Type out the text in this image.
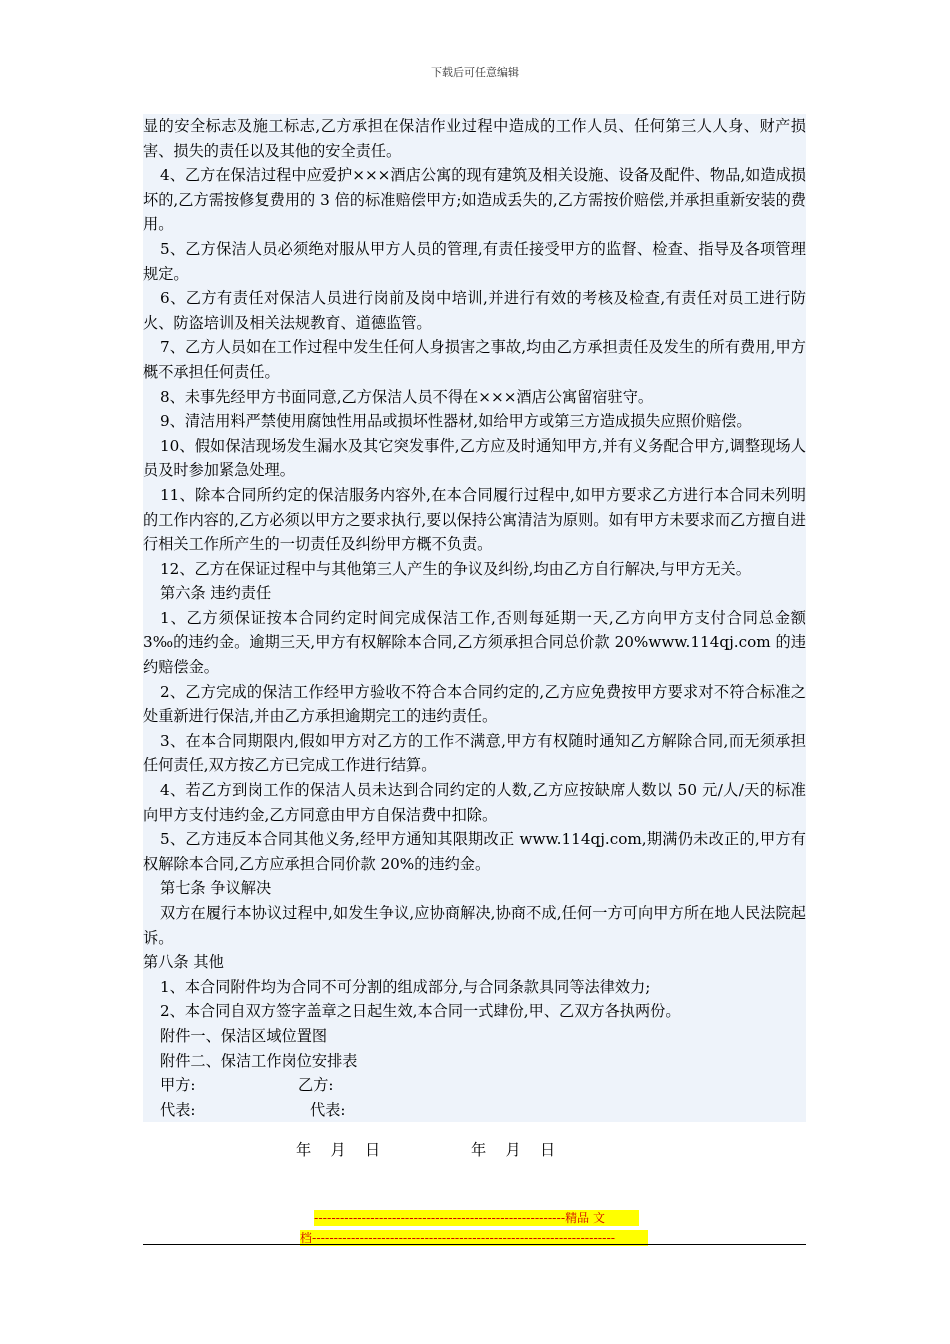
下载后可任意编辑

显的安全标志及施工标志,乙方承担在保洁作业过程中造成的工作人员、任何第三人人身、财产损害、损失的责任以及其他的安全责任。

4、乙方在保洁过程中应爱护×××酒店公寓的现有建筑及相关设施、设备及配件、物品,如造成损坏的,乙方需按修复费用的 3 倍的标准赔偿甲方;如造成丢失的,乙方需按价赔偿,并承担重新安装的费用。

5、乙方保洁人员必须绝对服从甲方人员的管理,有责任接受甲方的监督、检查、指导及各项管理规定。

6、乙方有责任对保洁人员进行岗前及岗中培训,并进行有效的考核及检查,有责任对员工进行防火、防盗培训及相关法规教育、道德监管。

7、乙方人员如在工作过程中发生任何人身损害之事故,均由乙方承担责任及发生的所有费用,甲方概不承担任何责任。

8、未事先经甲方书面同意,乙方保洁人员不得在×××酒店公寓留宿驻守。

9、清洁用料严禁使用腐蚀性用品或损坏性器材,如给甲方或第三方造成损失应照价赔偿。

10、假如保洁现场发生漏水及其它突发事件,乙方应及时通知甲方,并有义务配合甲方,调整现场人员及时参加紧急处理。

11、除本合同所约定的保洁服务内容外,在本合同履行过程中,如甲方要求乙方进行本合同未列明的工作内容的,乙方必须以甲方之要求执行,要以保持公寓清洁为原则。如有甲方未要求而乙方擅自进行相关工作所产生的一切责任及纠纷甲方概不负责。

12、乙方在保证过程中与其他第三人产生的争议及纠纷,均由乙方自行解决,与甲方无关。

第六条 违约责任

1、乙方须保证按本合同约定时间完成保洁工作,否则每延期一天,乙方向甲方支付合同总金额 3‰的违约金。逾期三天,甲方有权解除本合同,乙方须承担合同总价款 20%www.114qj.com 的违约赔偿金。

2、乙方完成的保洁工作经甲方验收不符合本合同约定的,乙方应免费按甲方要求对不符合标准之处重新进行保洁,并由乙方承担逾期完工的违约责任。

3、在本合同期限内,假如甲方对乙方的工作不满意,甲方有权随时通知乙方解除合同,而无须承担任何责任,双方按乙方已完成工作进行结算。

4、若乙方到岗工作的保洁人员未达到合同约定的人数,乙方应按缺席人数以 50 元/人/天的标准向甲方支付违约金,乙方同意由甲方自保洁费中扣除。

5、乙方违反本合同其他义务,经甲方通知其限期改正 www.114qj.com,期满仍未改正的,甲方有权解除本合同,乙方应承担合同价款 20%的违约金。

第七条 争议解决

双方在履行本协议过程中,如发生争议,应协商解决,协商不成,任何一方可向甲方所在地人民法院起诉。

第八条 其他

1、本合同附件均为合同不可分割的组成部分,与合同条款具同等法律效力;

2、本合同自双方签字盖章之日起生效,本合同一式肆份,甲、乙双方各执两份。

附件一、保洁区域位置图

附件二、保洁工作岗位安排表

甲方:	乙方:
代表:	代表:
年    月    日	年    月    日
----------------------------------------------------------精品 文
档----------------------------------------------------------------------
